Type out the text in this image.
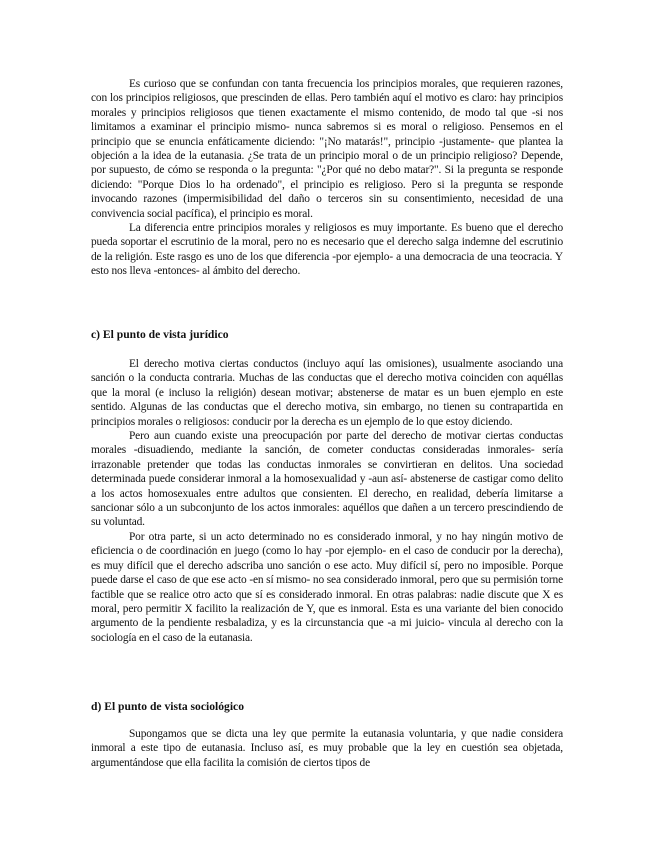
Es curioso que se confundan con tanta frecuencia los principios morales, que requieren razones, con los principios religiosos, que prescinden de ellas. Pero también aquí el motivo es claro: hay principios morales y principios religiosos que tienen exactamente el mismo contenido, de modo tal que -si nos limitamos a examinar el principio mismo- nunca sabremos si es moral o religioso. Pensemos en el principio que se enuncia enfáticamente diciendo: "¡No matarás!", principio -justamente- que plantea la objeción a la idea de la eutanasia. ¿Se trata de un principio moral o de un principio religioso? Depende, por supuesto, de cómo se responda o la pregunta: "¿Por qué no debo matar?". Si la pregunta se responde diciendo: "Porque Dios lo ha ordenado", el principio es religioso. Pero si la pregunta se responde invocando razones (impermisibilidad del daño o terceros sin su consentimiento, necesidad de una convivencia social pacífica), el principio es moral.

La diferencia entre principios morales y religiosos es muy importante. Es bueno que el derecho pueda soportar el escrutinio de la moral, pero no es necesario que el derecho salga indemne del escrutinio de la religión. Este rasgo es uno de los que diferencia -por ejemplo- a una democracia de una teocracia. Y esto nos lleva -entonces- al ámbito del derecho.

c) El punto de vista jurídico

El derecho motiva ciertas conductos (incluyo aquí las omisiones), usualmente asociando una sanción o la conducta contraria. Muchas de las conductas que el derecho motiva coinciden con aquéllas que la moral (e incluso la religión) desean motivar; abstenerse de matar es un buen ejemplo en este sentido. Algunas de las conductas que el derecho motiva, sin embargo, no tienen su contrapartida en principios morales o religiosos: conducir por la derecha es un ejemplo de lo que estoy diciendo.

Pero aun cuando existe una preocupación por parte del derecho de motivar ciertas conductas morales -disuadiendo, mediante la sanción, de cometer conductas consideradas inmorales- sería irrazonable pretender que todas las conductas inmorales se convirtieran en delitos. Una sociedad determinada puede considerar inmoral a la homosexualidad y -aun así- abstenerse de castigar como delito a los actos homosexuales entre adultos que consienten. El derecho, en realidad, debería limitarse a sancionar sólo a un subconjunto de los actos inmorales: aquéllos que dañen a un tercero prescindiendo de su voluntad.

Por otra parte, si un acto determinado no es considerado inmoral, y no hay ningún motivo de eficiencia o de coordinación en juego (como lo hay -por ejemplo- en el caso de conducir por la derecha), es muy difícil que el derecho adscriba uno sanción o ese acto. Muy difícil sí, pero no imposible. Porque puede darse el caso de que ese acto -en sí mismo- no sea considerado inmoral, pero que su permisión torne factible que se realice otro acto que sí es considerado inmoral. En otras palabras: nadie discute que X es moral, pero permitir X facilito la realización de Y, que es inmoral. Esta es una variante del bien conocido argumento de la pendiente resbaladiza, y es la circunstancia que -a mi juicio- vincula al derecho con la sociología en el caso de la eutanasia.

d) El punto de vista sociológico

Supongamos que se dicta una ley que permite la eutanasia voluntaria, y que nadie considera inmoral a este tipo de eutanasia. Incluso así, es muy probable que la ley en cuestión sea objetada, argumentándose que ella facilita la comisión de ciertos tipos de
